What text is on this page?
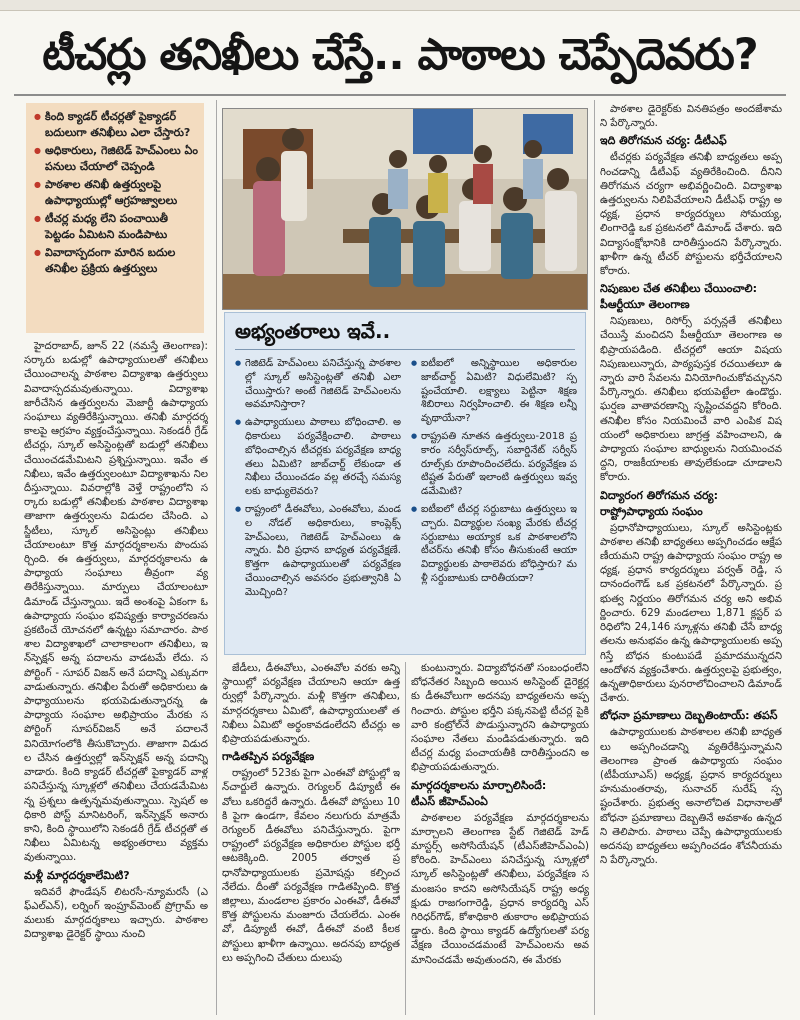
టీచర్లు తనిఖీలు చేస్తే.. పాఠాలు చెప్పేదెవరు?
● కింది క్యాడర్ టీచర్లతో పైక్యాడర్ బదులుగా తనిఖీలు ఎలా చేస్తారు?
● అధికారులు, గెజిటెడ్ హెచ్‌ఎంలు ఏం పనులు చేయాలో చెప్పండి
● పాఠశాల తనిఖీ ఉత్తర్వులపై ఉపాధ్యాయుల్లో ఆగ్రహజ్వాలలు
● టీచర్ల మధ్య లేని పంచాయితీ పెట్టడం ఏమిటని మండిపాటు
● వివాదాస్పదంగా మారిన బదుల తనిఖీల ప్రక్రియ ఉత్తర్వులు
అభ్యంతరాలు ఇవే..
● గెజిటెడ్ హెచ్‌ఎంలు పనిచేస్తున్న పాఠశాలల్లో స్కూల్ అసిస్టెంట్లతో తనిఖీ ఎలా చేయిస్తారు? అంటే గెజిటెడ్ హెచ్‌ఎంలను అవమానిస్తారా?
● ఉపాధ్యాయులు పాఠాలు బోధించాలి. అధికారులు పర్యవేక్షించాలి. పాఠాలు బోధించాల్సిన టీచర్లకు పర్యవేక్షణ బాధ్యతలు ఏమిటి? జాబ్‌చార్ట్ లేకుండా తనిఖీలు చేయించడం వల్ల తరచ్చే సమస్యలకు బాధ్యులెవరు?
● రాష్ట్రంలో డీఈవోలు, ఎంఈవోలు, మండల నోడల్ అధికారులు, కాంప్లెక్స్ హెచ్‌ఎంలు, గెజిటెడ్ హెచ్‌ఎంలు ఉన్నారు. వీరి ప్రధాన బాధ్యత పర్యవేక్షణే. కొత్తగా ఉపాధ్యాయులతో పర్యవేక్షణ చేయించాల్సిన అవసరం ప్రభుత్వానికి ఏమొచ్చింది?
● ఐటీఐలో అన్నిస్థాయిల అధికారుల జాబ్‌చార్ట్ ఏమిటి? విధులేమిటి? స్పష్టంచేయాలి. లక్ష్యాలు పెట్టినా శిక్షణ శిబిరాలు నిర్వహించాలి. ఈ శిక్షణ లన్నీ వృథాయేనా?
● రాష్ట్రపతి నూతన ఉత్తర్వులు-2018 ప్రకారం సర్వీస్‌రూల్స్, సబార్డినేట్ సర్వీస్ రూల్స్‌కు రూపొందించలేదు. పర్యవేక్షణ పటిష్టత పేరుతో ఇలాంటి ఉత్తర్వులు ఇవ్వడమేమిటి?
● ఐటీఐలో టీచర్ల సర్దుబాటు ఉత్తర్వులు ఇచ్చారు. విద్యార్థుల సంఖ్య మేరకు టీచర్ల సర్దుబాటు అయ్యాక ఒక పాఠశాలలోని టీచర్‌ను తనిఖీ కోసం తీసుకుంటే ఆయా విద్యార్థులకు పాఠాలెవరు బోధిస్తారు? మళ్లీ సర్దుబాటుకు దారితీయదా?

హైదరాబాద్, జూన్ 22 (నమస్తే తెలంగాణ): సర్కారు బడుల్లో ఉపాధ్యాయులతో తనిఖీలు చేయించాలన్న పాఠశాల విద్యాశాఖ ఉత్తర్వులు వివాదాస్పదమవుతున్నాయి. విద్యాశాఖ జారీచేసిన ఉత్తర్వులను మెజార్టీ ఉపాధ్యాయ సంఘాలు వ్యతిరేకిస్తున్నాయి. తనిఖీ మార్గదర్శకాలపై ఆగ్రహం వ్యక్తంచేస్తున్నాయి. సెకండరీ గ్రేడ్ టీచర్లు, స్కూల్ అసిస్టెంట్లతో బడుల్లో తనిఖీలు చేయించడమేమిటని ప్రశ్నిస్తున్నాయి. ఇవేం తనిఖీలు, ఇవేం ఉత్తర్వులంటూ విద్యాశాఖను నిలదీస్తున్నాయి. వివరాల్లోకి వెళ్తే రాష్ట్రంలోని సర్కారు బడుల్లో తనిఖీలకు పాఠశాల విద్యాశాఖ తాజాగా ఉత్తర్వులను విడుదల చేసింది. ఎస్జీటీలు, స్కూల్ అసిస్టెంట్లు తనిఖీలు చేయాలంటూ కొత్త మార్గదర్శకాలను పొందుపర్చింది. ఈ ఉత్తర్వులు, మార్గదర్శకాలను ఉపాధ్యాయ సంఘాలు తీవ్రంగా వ్యతిరేకిస్తున్నాయి. మార్పులు చేయాలంటూ డిమాండ్ చేస్తున్నాయి. ఇదే అంశంపై ఏకంగా ఓ ఉపాధ్యాయ సంఘం భవిష్యత్తు కార్యాచరణను ప్రకటించే యోచనలో ఉన్నట్టు సమాచారం. పాఠశాల విద్యాశాఖలో చాలాకాలంగా తనిఖీలు, ఇన్‌స్పెక్షన్ అన్న పదాలను వాడటమే లేదు. సపోర్టింగ్ - సూపర్ విజన్ అనే పదాన్ని ఎక్కువగా వాడుతున్నారు. తనిఖీల పేరుతో అధికారులు ఉపాధ్యాయులను భయపెడుతున్నారన్న ఉపాధ్యాయ సంఘాల అభిప్రాయం మేరకు సపోర్టింగ్ సూపర్‌విజన్ అనే పదాలనే వినియోగంలోకి తీసుకొచ్చారు. తాజాగా విడుదల చేసిన ఉత్తర్వుల్లో ఇన్‌స్పెక్షన్ అన్న పదాన్ని వాడారు. కింది క్యాడర్ టీచర్లతో పైక్యాడర్ వాళ్ల పనిచేస్తున్న స్కూళ్లలో తనిఖీలు చేయడమేమిటన్న ప్రశ్నలు ఉత్పన్నమవుతున్నాయి. స్పెషల్ అధికారి పోస్ట్ మానిటరింగ్, ఇన్‌స్పెక్షన్ అనారు కాని, కింది స్థాయిలోని సెకండరీ గ్రేడ్ టీచర్లతో తనిఖీలు ఏమిటన్న అభ్యంతరాలు వ్యక్తమవుతున్నాయి.

మళ్లీ మార్గదర్శకాలేమిటి?

ఇదివరే ఫౌండేషన్ లిటరసీ-న్యూమరసీ (ఎఫ్‌ఎల్ఎన్), లర్నింగ్ ఇంప్రూవ్‌మెంట్ ప్రోగ్రామ్ అమలుకు మార్గదర్శకాలు ఇచ్చారు. పాఠశాల విద్యాశాఖ డైరెక్టర్ స్థాయి నుంచి

జేడీలు, డీఈవోలు, ఎంఈవోల వరకు అన్ని స్థాయిల్లో పర్యవేక్షణ చేయాలని ఆయా ఉత్తర్వుల్లో పేర్కొన్నారు. మళ్లీ కొత్తగా తనిఖీలు, మార్గదర్శకాలు ఏమిటో, ఉపాధ్యాయులతో తనిఖీలు ఏమిటో అర్థంకావడంలేదని టీచర్లు అభిప్రాయపడుతున్నారు.

గాడితప్పిన పర్యవేక్షణ

రాష్ట్రంలో 523కు పైగా ఎంఈవో పోస్టుల్లో ఇన్‌చార్జులే ఉన్నారు. రెగ్యులర్ డిప్యూటీ ఈవోలు ఒకరిద్దరే ఉన్నారు. డీఈవో పోస్టులు 10కి పైగా ఉండగా, కేవలం నలుగురు మాత్రమే రెగ్యులర్ డీఈవోలు పనిచేస్తున్నారు. పైగా రాష్ట్రంలో పర్యవేక్షణ అధికారుల పోస్టుల భర్తీ ఆటకెక్కింది. 2005 తర్వాత ప్రధానోపాధ్యాయులకు ప్రమోషన్లు కల్పించనేలేదు. దీంతో పర్యవేక్షణ గాడితప్పింది. కొత్త జిల్లాలు, మండలాల ప్రకారం ఎంఈవో, డీఈవో కొత్త పోస్టులను మంజూరు చేయలేదు. ఎంఈవో, డిప్యూటీ ఈవో, డీఈవో వంటి కీలక పోస్టులు ఖాళీగా ఉన్నాయి. అదనపు బాధ్యతలు అప్పగించి చేతులు దులుపు

కుంటున్నారు. విద్యాబోధనతో సంబంధంలేని బోధనేతర సిబ్బంది అయిన అసిస్టెంట్ డైరెక్టర్లకు డీఈవోలుగా అదనపు బాధ్యతలను అప్పగించారు. పోస్టుల భర్తీని పక్కనపెట్టి టీచర్ల పైకి వారి కంట్రోల్‌నే పొడుస్తున్నారని ఉపాధ్యాయ సంఘాల నేతలు మండిపడుతున్నారు. ఇది టీచర్ల మధ్య పంచాయతీకి దారితీస్తుందని అభిప్రాయపడుతున్నారు.

మార్గదర్శకాలను మార్చాలిసిందే:
టీఎస్ జీహెచ్‌ఎంఏ

పాఠశాలల పర్యవేక్షణ మార్గదర్శకాలను మార్చాలని తెలంగాణ స్టేట్ గెజిటెడ్ హెడ్ మాస్టర్స్ అసోసియేషన్ (టీఎస్‌జీహెచ్‌ఎంఏ) కోరింది. హెచ్‌ఎంలు పనిచేస్తున్న స్కూళ్లలో స్కూల్ అసిస్టెంట్లతో తనిఖీలు, పర్యవేక్షణ సమంజసం కాదని అసోసియేషన్ రాష్ట్ర అధ్యక్షుడు రాజగంగారెడ్డి, ప్రధాన కార్యదర్శి ఎస్ గిరిధర్‌గౌడ్, కోశాధికారి తుకారాం అభిప్రాయపడ్డారు. కింది స్థాయి క్యాడర్ ఉద్యోగులతో పర్యవేక్షణ చేయించడమంటే హెచ్‌ఎంలను అవమానించడమే అవుతుందని, ఈ మేరకు

పాఠశాల డైరెక్టర్‌కు వినతిపత్రం అందజేశామని పేర్కొన్నారు.

ఇది తిరోగమన చర్య: డీటీఎఫ్

టీచర్లకు పర్యవేక్షణ తనిఖీ బాధ్యతలు అప్పగించడాన్ని డీటీఎఫ్ వ్యతిరేకించింది. దీనిని తిరోగమన చర్యగా అభివర్ణించింది. విద్యాశాఖ ఉత్తర్వులను నిలిపివేయాలని డీటీఎఫ్ రాష్ట్ర అధ్యక్ష, ప్రధాన కార్యదర్శులు సోమయ్య, లింగారెడ్డి ఒక ప్రకటనలో డిమాండ్ చేశారు. ఇది విద్యాసంక్షోభానికి దారితీస్తుందని పేర్కొన్నారు. ఖాళీగా ఉన్న టీచర్ పోస్టులను భర్తీచేయాలని కోరారు.

నిపుణుల చేత తనిఖీలు చేయించాలి:
పీఆర్టీయూ తెలంగాణ

నిపుణులు, రిసోర్స్ పర్సన్లతే తనిఖీలు చేయిస్తే మంచిదని పీఆర్టీయూ తెలంగాణ అభిప్రాయపడింది. టీచర్లలో ఆయా విషయ నిపుణులున్నారు, పాఠ్యపుస్తక రచయితలూ ఉన్నారు వారి సేవలను వినియోగించుకోవచ్చునని పేర్కొన్నారు. తనిఖీలు భయపెట్టేలా ఉండొద్దు. ఘర్షణ వాతావరణాన్ని సృష్టించవద్దని కోరింది. తనిఖీల కోసం నియమించే వారి ఎంపిక విషయంలో అధికారులు జాగ్రత్త వహించాలని, ఉపాధ్యాయ సంఘాల బాధ్యులను నియమించవద్దని, రాజకీయాలకు తావులేకుండా చూడాలని కోరారు.

విద్యారంగ తిరోగమన చర్య:
రాష్ట్రోపాధ్యాయ సంఘం

ప్రధానోపాధ్యాయులు, స్కూల్ అసిస్టెంట్లకు పాఠశాల తనిఖీ బాధ్యతలు అప్పగించడం ఆక్షేపణీయమని రాష్ట్ర ఉపాధ్యాయ సంఘం రాష్ట్ర అధ్యక్ష, ప్రధాన కార్యదర్శులు పర్వత్ రెడ్డి, సదానందంగౌడ్ ఒక ప్రకటనలో పేర్కొన్నారు. ప్రభుత్వ నిర్ణయం తిరోగమన చర్య అని అభివర్ణించారు. 629 మండలాలు 1,871 క్లస్టర్ పరిధిలోని 24,146 స్కూళ్లను తనిఖీ చేసే బాధ్యతలను అనుభవం ఉన్న ఉపాధ్యాయులకు అప్పగిస్తే బోధన కుంటుపడే ప్రమాదమున్నదని ఆందోళన వ్యక్తంచేశారు. ఉత్తర్వులపై ప్రభుత్వం, ఉన్నతాధికారులు పునరాలోచించాలని డిమాండ్ చేశారు.

బోధనా ప్రమాణాలు దెబ్బతింటాయ్: తపస్

ఉపాధ్యాయులకు పాఠశాలల తనిఖీ బాధ్యతలు అప్పగించడాన్ని వ్యతిరేకిస్తున్నామని తెలంగాణ ప్రాంత ఉపాధ్యాయ సంఘం (టీపీయూఎస్) అధ్యక్ష, ప్రధాన కార్యదర్శులు హనుమంతరావు, సునాచర్ సురేష్ స్పష్టంచేశారు. ప్రభుత్వ అనాలోచిత విధానాలతో బోధనా ప్రమాణాలు దెబ్బతినే అవకాశం ఉన్నదని తెలిపారు. పాఠాలు చెప్పే ఉపాధ్యాయులకు అదనపు బాధ్యతలు అప్పగించడం శోచనీయమని పేర్కొన్నారు.
